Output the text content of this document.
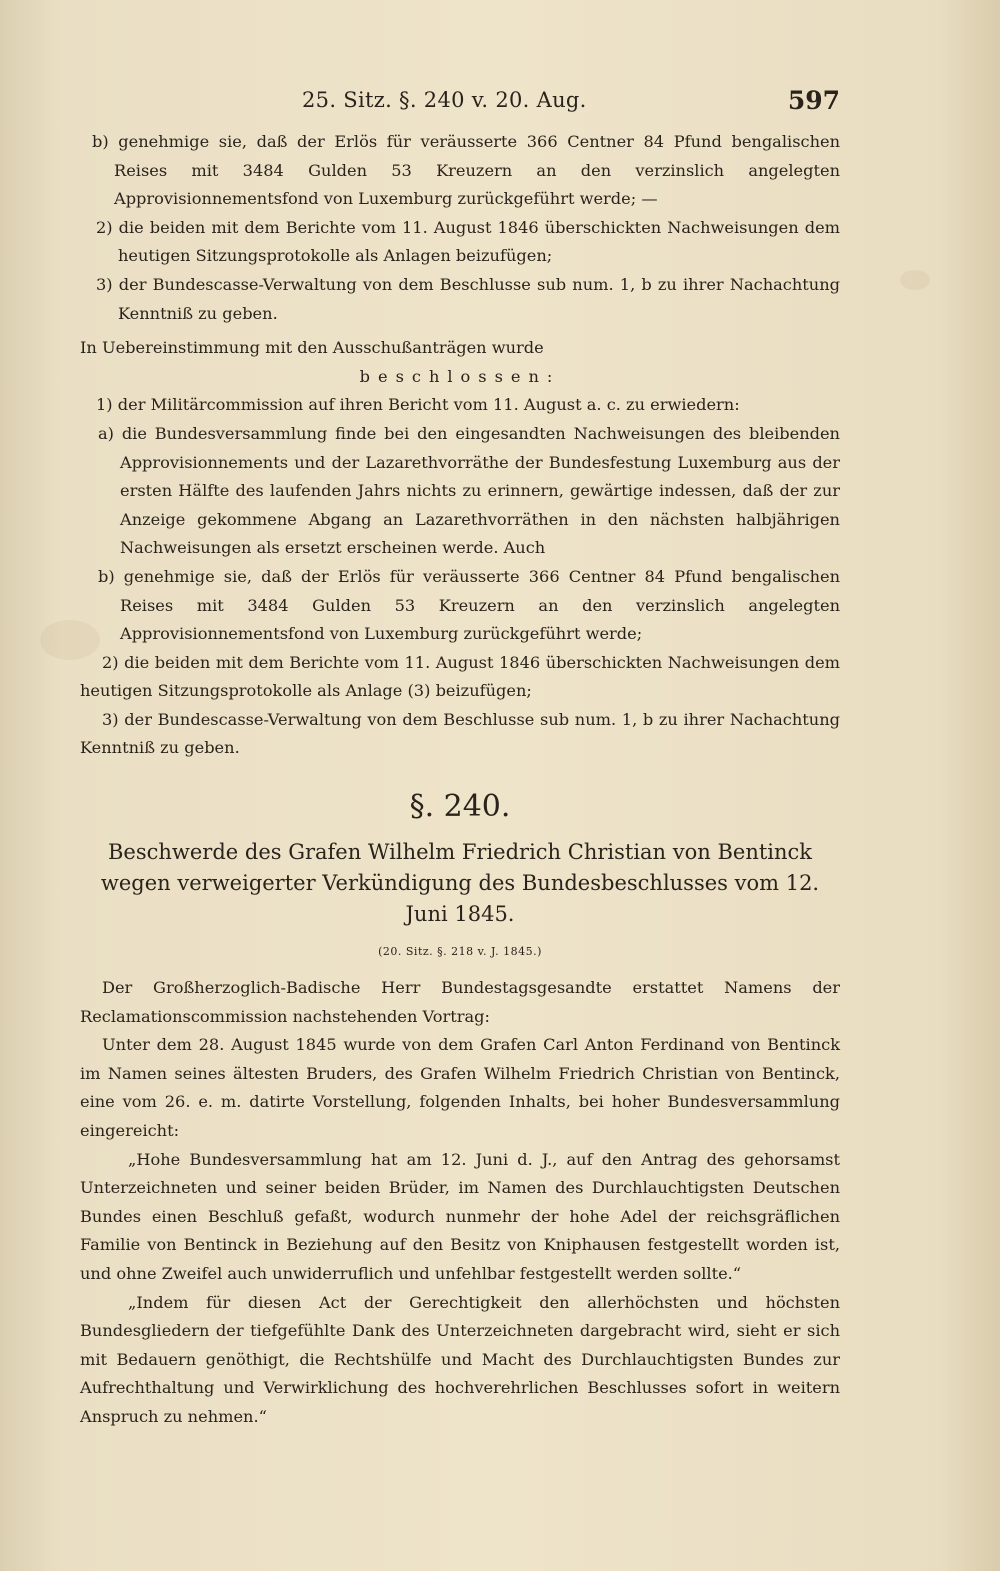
25. Sitz. §. 240 v. 20. Aug.	597

b) genehmige sie, daß der Erlös für veräusserte 366 Centner 84 Pfund bengalischen Reises mit 3484 Gulden 53 Kreuzern an den verzinslich angelegten Approvisionnementsfond von Luxemburg zurückgeführt werde; —

2) die beiden mit dem Berichte vom 11. August 1846 überschickten Nachweisungen dem heutigen Sitzungsprotokolle als Anlagen beizufügen;

3) der Bundescasse-Verwaltung von dem Beschlusse sub num. 1, b zu ihrer Nachachtung Kenntniß zu geben.

In Uebereinstimmung mit den Ausschußanträgen wurde

beschlossen:

1) der Militärcommission auf ihren Bericht vom 11. August a. c. zu erwiedern:

a) die Bundesversammlung finde bei den eingesandten Nachweisungen des bleibenden Approvisionnements und der Lazarethvorräthe der Bundesfestung Luxemburg aus der ersten Hälfte des laufenden Jahrs nichts zu erinnern, gewärtige indessen, daß der zur Anzeige gekommene Abgang an Lazarethvorräthen in den nächsten halbjährigen Nachweisungen als ersetzt erscheinen werde. Auch

b) genehmige sie, daß der Erlös für veräusserte 366 Centner 84 Pfund bengalischen Reises mit 3484 Gulden 53 Kreuzern an den verzinslich angelegten Approvisionnementsfond von Luxemburg zurückgeführt werde;

2) die beiden mit dem Berichte vom 11. August 1846 überschickten Nachweisungen dem heutigen Sitzungsprotokolle als Anlage (3) beizufügen;

3) der Bundescasse-Verwaltung von dem Beschlusse sub num. 1, b zu ihrer Nachachtung Kenntniß zu geben.

§. 240.

Beschwerde des Grafen Wilhelm Friedrich Christian von Bentinck wegen verweigerter Verkündigung des Bundesbeschlusses vom 12. Juni 1845.

(20. Sitz. §. 218 v. J. 1845.)

Der Großherzoglich-Badische Herr Bundestagsgesandte erstattet Namens der Reclamationscommission nachstehenden Vortrag:

Unter dem 28. August 1845 wurde von dem Grafen Carl Anton Ferdinand von Bentinck im Namen seines ältesten Bruders, des Grafen Wilhelm Friedrich Christian von Bentinck, eine vom 26. e. m. datirte Vorstellung, folgenden Inhalts, bei hoher Bundesversammlung eingereicht:

„Hohe Bundesversammlung hat am 12. Juni d. J., auf den Antrag des gehorsamst Unterzeichneten und seiner beiden Brüder, im Namen des Durchlauchtigsten Deutschen Bundes einen Beschluß gefaßt, wodurch nunmehr der hohe Adel der reichsgräflichen Familie von Bentinck in Beziehung auf den Besitz von Kniphausen festgestellt worden ist, und ohne Zweifel auch unwiderruflich und unfehlbar festgestellt werden sollte.“

„Indem für diesen Act der Gerechtigkeit den allerhöchsten und höchsten Bundesgliedern der tiefgefühlte Dank des Unterzeichneten dargebracht wird, sieht er sich mit Bedauern genöthigt, die Rechtshülfe und Macht des Durchlauchtigsten Bundes zur Aufrechthaltung und Verwirklichung des hochverehrlichen Beschlusses sofort in weitern Anspruch zu nehmen.“
